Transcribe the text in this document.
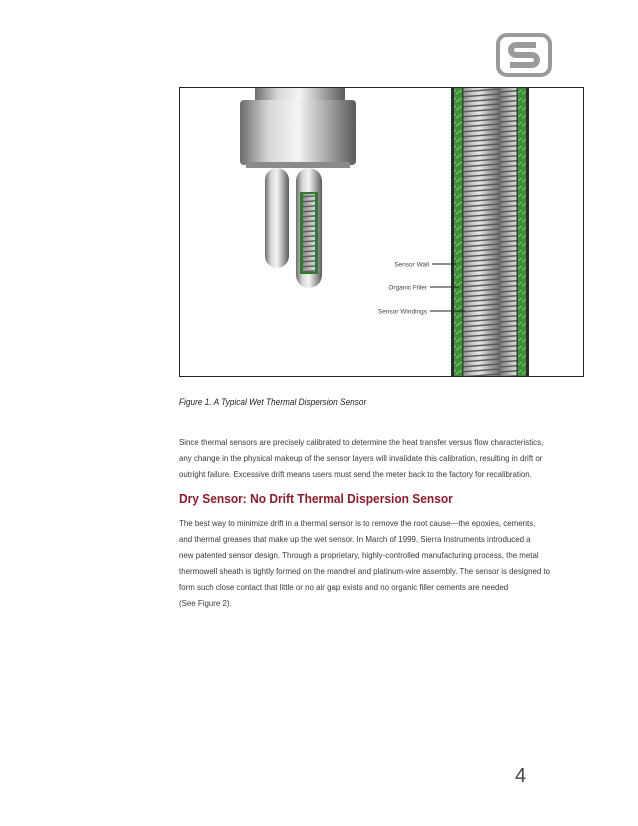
Sensor Wall
Organic Filler
Sensor Windings
Figure 1. A Typical Wet Thermal Dispersion Sensor
Since thermal sensors are precisely calibrated to determine the heat transfer versus flow characteristics,
any change in the physical makeup of the sensor layers will invalidate this calibration, resulting in drift or
outright failure. Excessive drift means users must send the meter back to the factory for recalibration.
Dry Sensor: No Drift Thermal Dispersion Sensor
The best way to minimize drift in a thermal sensor is to remove the root cause—the epoxies, cements,
and thermal greases that make up the wet sensor. In March of 1999, Sierra Instruments introduced a
new patented sensor design. Through a proprietary, highly-controlled manufacturing process, the metal
thermowell sheath is tightly formed on the mandrel and platinum-wire assembly. The sensor is designed to
form such close contact that little or no air gap exists and no organic filler cements are needed
(See Figure 2).
4
